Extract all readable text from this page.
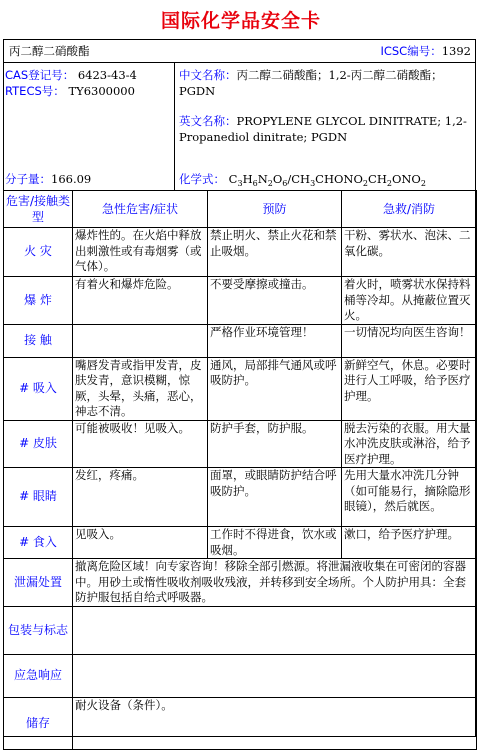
国际化学品安全卡
丙二醇二硝酸酯	ICSC编号：1392
CAS登记号： 6423-43-4
RTECS号： TY6300000
中文名称：丙二醇二硝酸酯；1,2-丙二醇二硝酸酯；PGDN
英文名称：PROPYLENE GLYCOL DINITRATE; 1,2-Propanediol dinitrate; PGDN
分子量：166.09	化学式： $C_3H_6N_2O_6/CH_3CHONO_2CH_2ONO_2$
危害/接触类型	急性危害/症状	预防	急救/消防
火 灾	爆炸性的。在火焰中释放出刺激性或有毒烟雾（或气体）。	禁止明火、禁止火花和禁止吸烟。	干粉、雾状水、泡沫、二氧化碳。
爆 炸	有着火和爆炸危险。	不要受摩擦或撞击。	着火时，喷雾状水保持料桶等冷却。从掩蔽位置灭火。
接 触		严格作业环境管理！	一切情况均向医生咨询！
# 吸入	嘴唇发青或指甲发青，皮肤发青，意识模糊，惊厥，头晕，头痛，恶心，神志不清。	通风，局部排气通风或呼吸防护。	新鲜空气，休息。必要时进行人工呼吸，给予医疗护理。
# 皮肤	可能被吸收！见吸入。	防护手套，防护服。	脱去污染的衣服。用大量水冲洗皮肤或淋浴，给予医疗护理。
# 眼睛	发红，疼痛。	面罩，或眼睛防护结合呼吸防护。	先用大量水冲洗几分钟（如可能易行，摘除隐形眼镜），然后就医。
# 食入	见吸入。	工作时不得进食，饮水或吸烟。	漱口，给予医疗护理。
泄漏处置	撤离危险区域！向专家咨询！移除全部引燃源。将泄漏液收集在可密闭的容器中。用砂土或惰性吸收剂吸收残液，并转移到安全场所。个人防护用具：全套防护服包括自给式呼吸器。		
包装与标志			
应急响应			
储存	耐火设备（条件）。		
